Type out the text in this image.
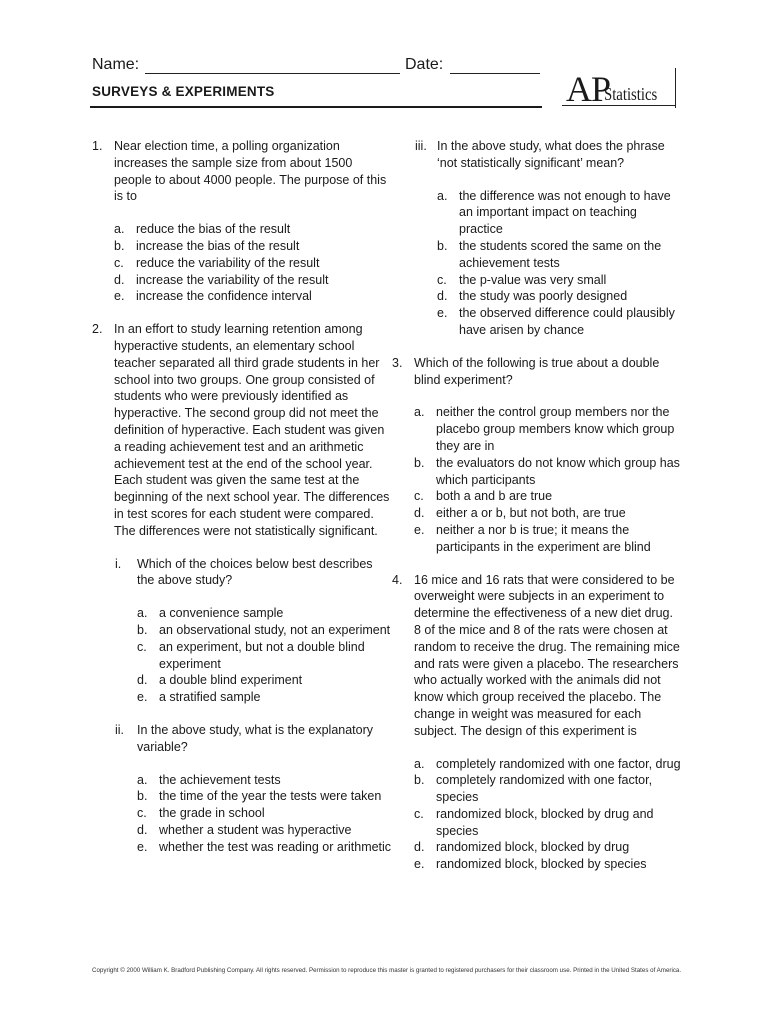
Name:	Date:
SURVEYS & EXPERIMENTS	AP
Statistics
1. Near election time, a polling organization increases the sample size from about 1500 people to about 4000 people. The purpose of this is to
a. reduce the bias of the result
b. increase the bias of the result
c. reduce the variability of the result
d. increase the variability of the result
e. increase the confidence interval
2. In an effort to study learning retention among hyperactive students, an elementary school teacher separated all third grade students in her school into two groups. One group consisted of students who were previously identified as hyperactive. The second group did not meet the definition of hyperactive. Each student was given a reading achievement test and an arithmetic achievement test at the end of the school year. Each student was given the same test at the beginning of the next school year. The differences in test scores for each student were compared. The differences were not statistically significant.
i. Which of the choices below best describes the above study?
a. a convenience sample
b. an observational study, not an experiment
c. an experiment, but not a double blind experiment
d. a double blind experiment
e. a stratified sample
ii. In the above study, what is the explanatory variable?
a. the achievement tests
b. the time of the year the tests were taken
c. the grade in school
d. whether a student was hyperactive
e. whether the test was reading or arithmetic
iii. In the above study, what does the phrase ‘not statistically significant’ mean?
a. the difference was not enough to have an important impact on teaching practice
b. the students scored the same on the achievement tests
c. the p-value was very small
d. the study was poorly designed
e. the observed difference could plausibly have arisen by chance
3. Which of the following is true about a double blind experiment?
a. neither the control group members nor the placebo group members know which group they are in
b. the evaluators do not know which group has which participants
c. both a and b are true
d. either a or b, but not both, are true
e. neither a nor b is true; it means the participants in the experiment are blind
4. 16 mice and 16 rats that were considered to be overweight were subjects in an experiment to determine the effectiveness of a new diet drug. 8 of the mice and 8 of the rats were chosen at random to receive the drug. The remaining mice and rats were given a placebo. The researchers who actually worked with the animals did not know which group received the placebo. The change in weight was measured for each subject. The design of this experiment is
a. completely randomized with one factor, drug
b. completely randomized with one factor, species
c. randomized block, blocked by drug and species
d. randomized block, blocked by drug
e. randomized block, blocked by species
Copyright © 2000 William K. Bradford Publishing Company. All rights reserved. Permission to reproduce this master is granted to registered purchasers for their classroom use. Printed in the United States of America.
